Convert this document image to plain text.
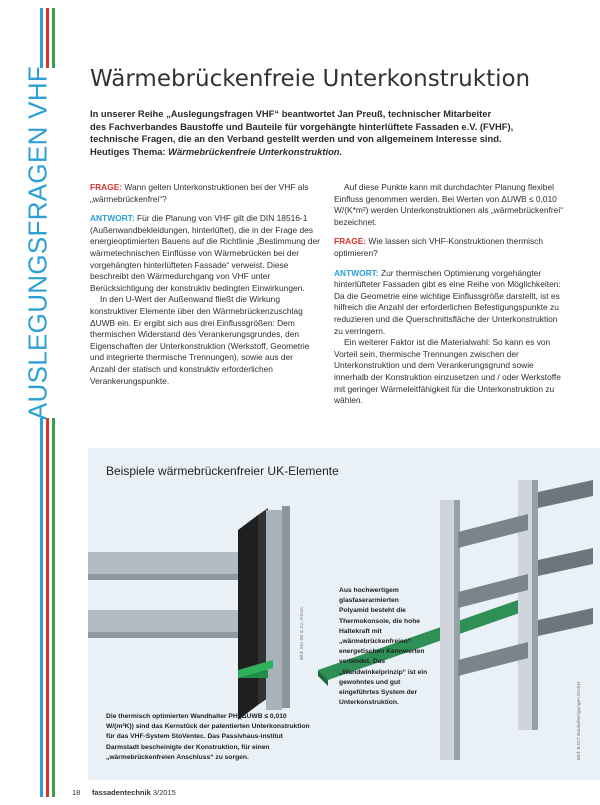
AUSLEGUNGSFRAGEN VHF Wärmebrückenfreie Unterkonstruktion
In unserer Reihe „Auslegungsfragen VHF“ beantwortet Jan Preuß, technischer Mitarbeiter
des Fachverbandes Baustoffe und Bauteile für vorgehängte hinterlüftete Fassaden e.V. (FVHF),
technische Fragen, die an den Verband gestellt werden und von allgemeinem Interesse sind.
Heutiges Thema: Wärmebrückenfreie Unterkonstruktion.

FRAGE: Wann gelten Unterkonstruktionen bei der VHF als „wärmebrückenfrei“?

ANTWORT: Für die Planung von VHF gilt die DIN 18516-1 (Außenwandbekleidungen, hinterlüftet), die in der Frage des energieoptimierten Bauens auf die Richtlinie „Bestimmung der wärmetechnischen Einflüsse von Wärmebrücken bei der vorgehängten hinterlüfteten Fassade“ verweist. Diese beschreibt den Wärmedurchgang von VHF unter Berücksichtigung der konstruktiv bedingten Einwirkungen.

In den U-Wert der Außenwand fließt die Wirkung konstruktiver Elemente über den Wärmebrückenzuschlag ΔUWB ein. Er ergibt sich aus drei Einflussgrößen: Dem thermischen Widerstand des Verankerungsgrundes, den Eigenschaften der Unterkonstruktion (Werkstoff, Geometrie und integrierte thermische Trennungen), sowie aus der Anzahl der statisch und konstruktiv erforderlichen Verankerungspunkte.

Auf diese Punkte kann mit durchdachter Planung flexibel Einfluss genommen werden. Bei Werten von ΔUWB ≤ 0,010 W/(K*m²) werden Unterkonstruktionen als „wärmebrückenfrei“ bezeichnet.

FRAGE: Wie lassen sich VHF-Konstruktionen thermisch optimieren?

ANTWORT: Zur thermischen Optimierung vorgehängter hinterlüfteter Fassaden gibt es eine Reihe von Möglichkeiten: Da die Geometrie eine wichtige Einflussgröße darstellt, ist es hilfreich die Anzahl der erforderlichen Befestigungspunkte zu reduzieren und die Querschnittsfläche der Unterkonstruktion zu verringern.

Ein weiterer Faktor ist die Materialwahl: So kann es von Vorteil sein, thermische Trennungen zwischen der Unterkonstruktion und dem Verankerungsgrund sowie innerhalb der Konstruktion einzusetzen und / oder Werkstoffe mit geringer Wärmeleitfähigkeit für die Unterkonstruktion zu wählen.

Beispiele wärmebrückenfreier UK-Elemente
Bild: Sto SE & Co. KGaA
Bild: EJOT Baubefestigungen GmbH
Die thermisch optimierten Wandhalter PH (ΔUWB ≤ 0,010 W/(m²K)) sind das Kernstück der patentierten Unterkonstruktion für das VHF-System StoVentec. Das Passivhaus-institut Darmstadt bescheinigte der Konstruktion, für einen „wärmebrückenfreien Anschluss“ zu sorgen.
Aus hochwertigem glasfaserarmierten Polyamid besteht die Thermokonsole, die hohe Haltekraft mit „wärmebrückenfreien“ energetischen Kennwerten verbindet. Das „Wandwinkelprinzip“ ist ein gewohntes und gut eingeführtes System der Unterkonstruktion.
18 fassadentechnik 3/2015
